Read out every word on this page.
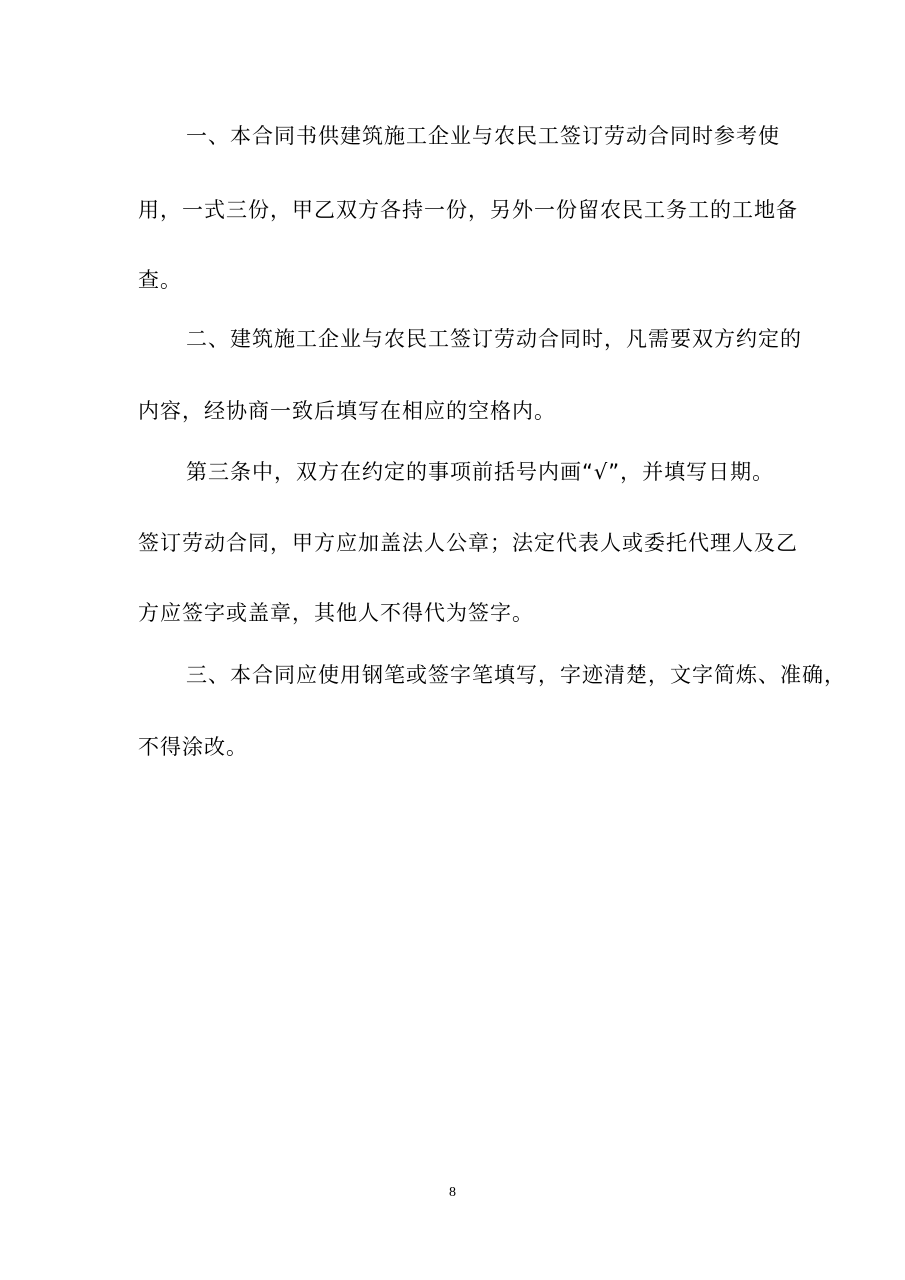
一、本合同书供建筑施工企业与农民工签订劳动合同时参考使
用，一式三份，甲乙双方各持一份，另外一份留农民工务工的工地备
查。
二、建筑施工企业与农民工签订劳动合同时，凡需要双方约定的
内容，经协商一致后填写在相应的空格内。
第三条中，双方在约定的事项前括号内画“√”，并填写日期。
签订劳动合同，甲方应加盖法人公章；法定代表人或委托代理人及乙
方应签字或盖章，其他人不得代为签字。
三、本合同应使用钢笔或签字笔填写，字迹清楚，文字简炼、准确，
不得涂改。
8
